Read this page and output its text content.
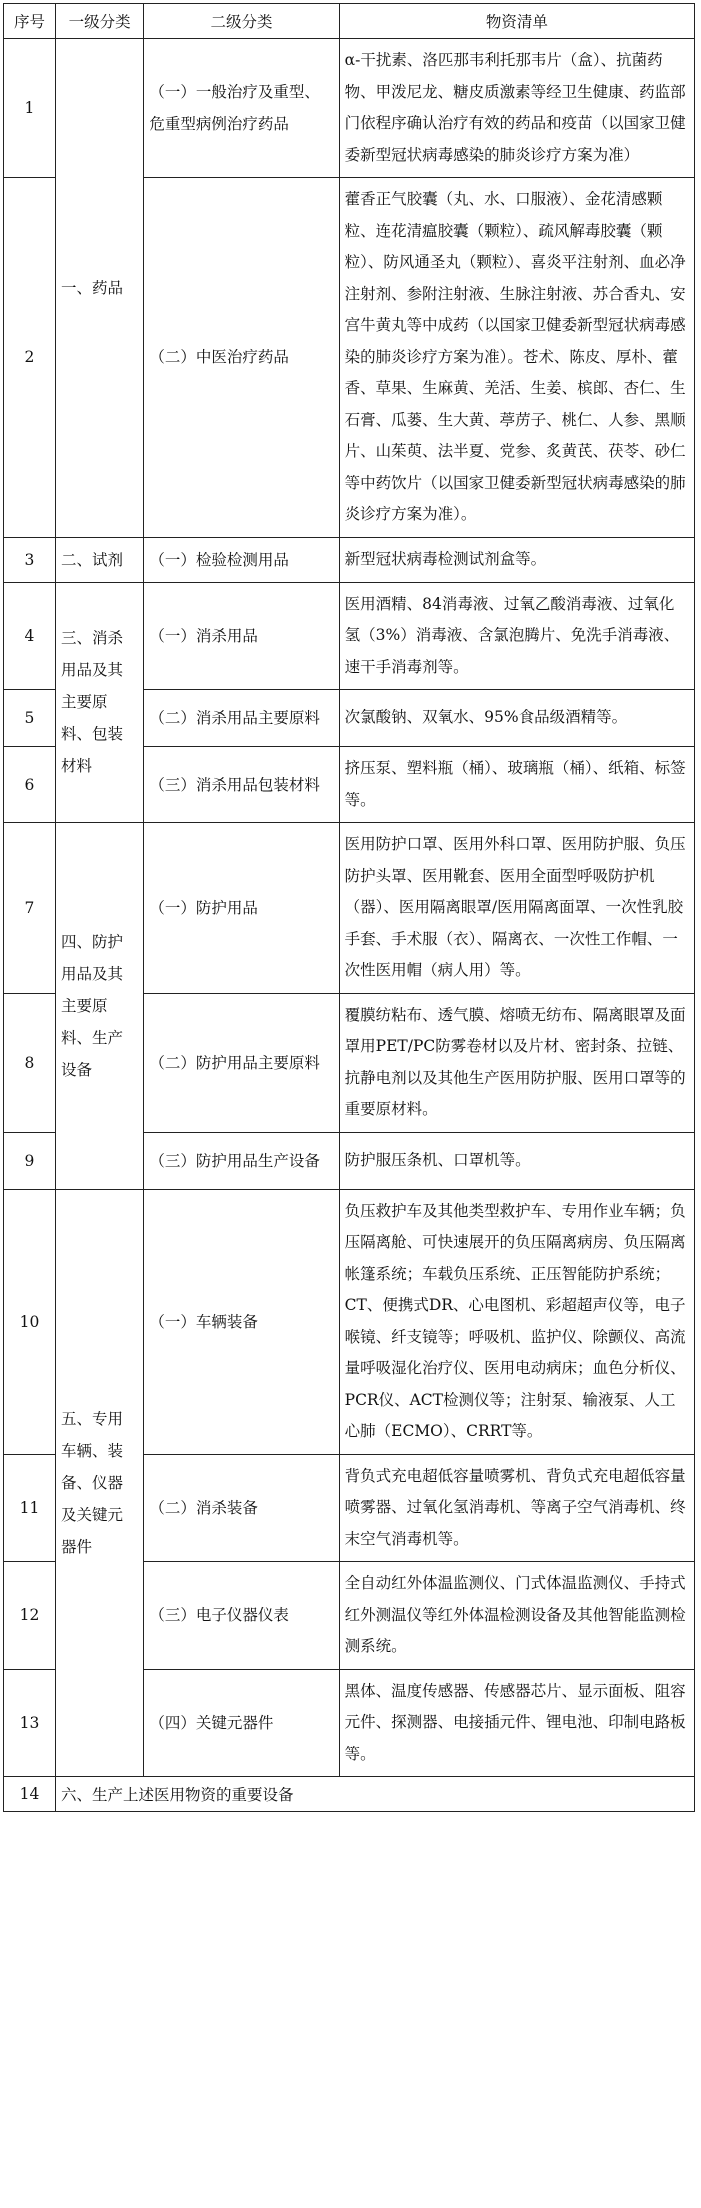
序号	一级分类	二级分类	物资清单
1	一、药品	（一）一般治疗及重型、危重型病例治疗药品	α-干扰素、洛匹那韦利托那韦片（盒）、抗菌药物、甲泼尼龙、糖皮质激素等经卫生健康、药监部门依程序确认治疗有效的药品和疫苗（以国家卫健委新型冠状病毒感染的肺炎诊疗方案为准）
2		（二）中医治疗药品	藿香正气胶囊（丸、水、口服液）、金花清感颗粒、连花清瘟胶囊（颗粒）、疏风解毒胶囊（颗粒）、防风通圣丸（颗粒）、喜炎平注射剂、血必净注射剂、参附注射液、生脉注射液、苏合香丸、安宫牛黄丸等中成药（以国家卫健委新型冠状病毒感染的肺炎诊疗方案为准）。苍术、陈皮、厚朴、藿香、草果、生麻黄、羌活、生姜、槟郎、杏仁、生石膏、瓜蒌、生大黄、葶苈子、桃仁、人参、黑顺片、山茱萸、法半夏、党参、炙黄芪、茯苓、砂仁等中药饮片（以国家卫健委新型冠状病毒感染的肺炎诊疗方案为准）。
3	二、试剂	（一）检验检测用品	新型冠状病毒检测试剂盒等。
4	三、消杀用品及其主要原料、包装材料	（一）消杀用品	医用酒精、84消毒液、过氧乙酸消毒液、过氧化氢（3%）消毒液、含氯泡腾片、免洗手消毒液、速干手消毒剂等。
5		（二）消杀用品主要原料	次氯酸钠、双氧水、95%食品级酒精等。
6		（三）消杀用品包装材料	挤压泵、塑料瓶（桶）、玻璃瓶（桶）、纸箱、标签等。
7	四、防护用品及其主要原料、生产设备	（一）防护用品	医用防护口罩、医用外科口罩、医用防护服、负压防护头罩、医用靴套、医用全面型呼吸防护机（器）、医用隔离眼罩/医用隔离面罩、一次性乳胶手套、手术服（衣）、隔离衣、一次性工作帽、一次性医用帽（病人用）等。
8		（二）防护用品主要原料	覆膜纺粘布、透气膜、熔喷无纺布、隔离眼罩及面罩用PET/PC防雾卷材以及片材、密封条、拉链、抗静电剂以及其他生产医用防护服、医用口罩等的重要原材料。
9		（三）防护用品生产设备	防护服压条机、口罩机等。
10	五、专用车辆、装备、仪器及关键元器件	（一）车辆装备	负压救护车及其他类型救护车、专用作业车辆；负压隔离舱、可快速展开的负压隔离病房、负压隔离帐篷系统；车载负压系统、正压智能防护系统；CT、便携式DR、心电图机、彩超超声仪等，电子喉镜、纤支镜等；呼吸机、监护仪、除颤仪、高流量呼吸湿化治疗仪、医用电动病床；血色分析仪、PCR仪、ACT检测仪等；注射泵、输液泵、人工心肺（ECMO）、CRRT等。
11		（二）消杀装备	背负式充电超低容量喷雾机、背负式充电超低容量喷雾器、过氧化氢消毒机、等离子空气消毒机、终末空气消毒机等。
12		（三）电子仪器仪表	全自动红外体温监测仪、门式体温监测仪、手持式红外测温仪等红外体温检测设备及其他智能监测检测系统。
13		（四）关键元器件	黑体、温度传感器、传感器芯片、显示面板、阻容元件、探测器、电接插元件、锂电池、印制电路板等。
14	六、生产上述医用物资的重要设备		
